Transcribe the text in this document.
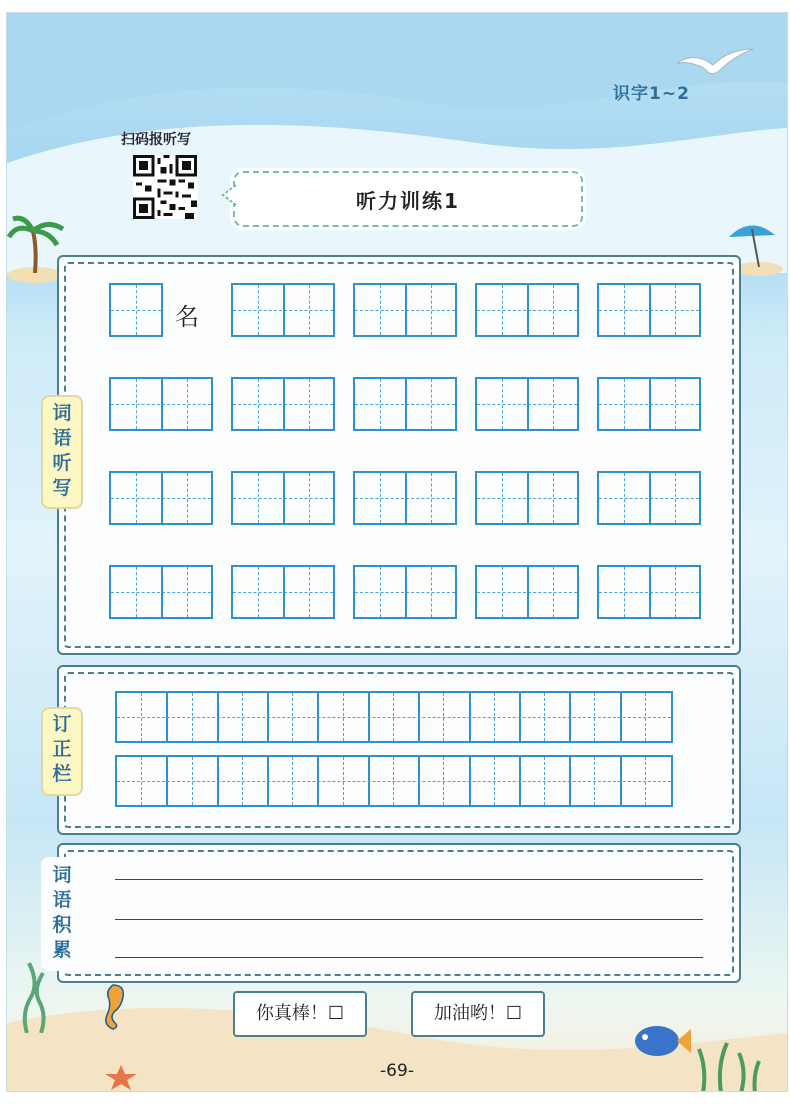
识字1~2
扫码报听写
听力训练1
词
语
听
写
名
订
正
栏
词
语
积
累
你真棒！☐	加油哟！☐
-69-
